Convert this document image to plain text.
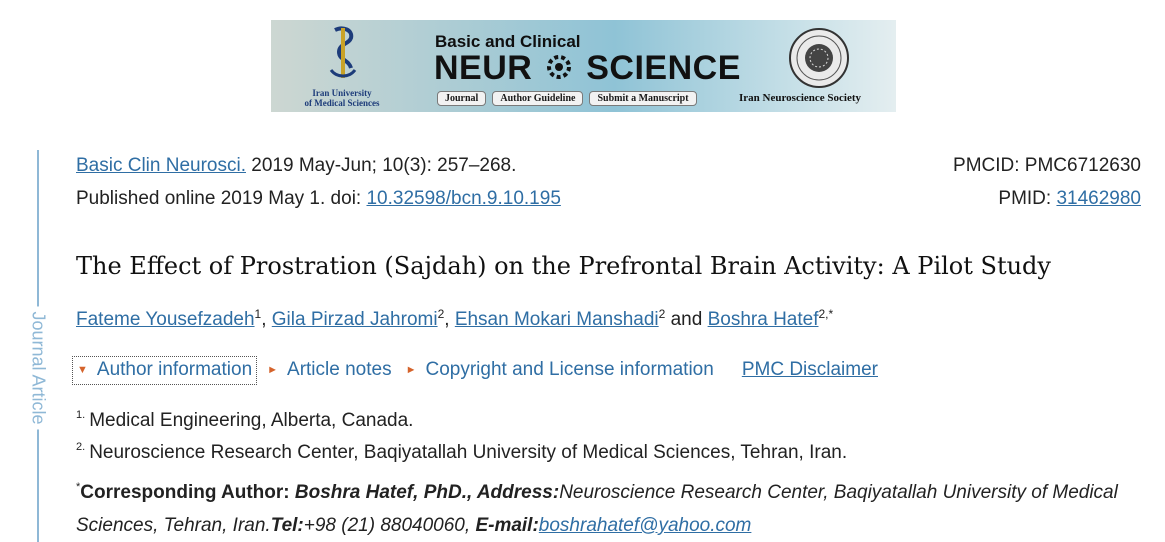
Iran University
of Medical Sciences
Basic and Clinical
NEUR SCIENCE
Journal	Author Guideline	Submit a Manuscript	Iran Neuroscience Society
Journal Article
Basic Clin Neurosci. 2019 May-Jun; 10(3): 257–268.
Published online 2019 May 1. doi: 10.32598/bcn.9.10.195
PMCID: PMC6712630
PMID: 31462980
The Effect of Prostration (Sajdah) on the Prefrontal Brain Activity: A Pilot Study
Fateme Yousefzadeh$^1$, Gila Pirzad Jahromi$^2$, Ehsan Mokari Manshadi$^2$ and Boshra Hatef$^{2,*}$
▼ Author information ► Article notes ► Copyright and License information PMC Disclaimer
$^{1.}$ Medical Engineering, Alberta, Canada.
$^{2.}$ Neuroscience Research Center, Baqiyatallah University of Medical Sciences, Tehran, Iran.
*Corresponding Author: Boshra Hatef, PhD., Address:Neuroscience Research Center, Baqiyatallah University of Medical Sciences, Tehran, Iran.Tel:+98 (21) 88040060, E-mail:boshrahatef@yahoo.com
